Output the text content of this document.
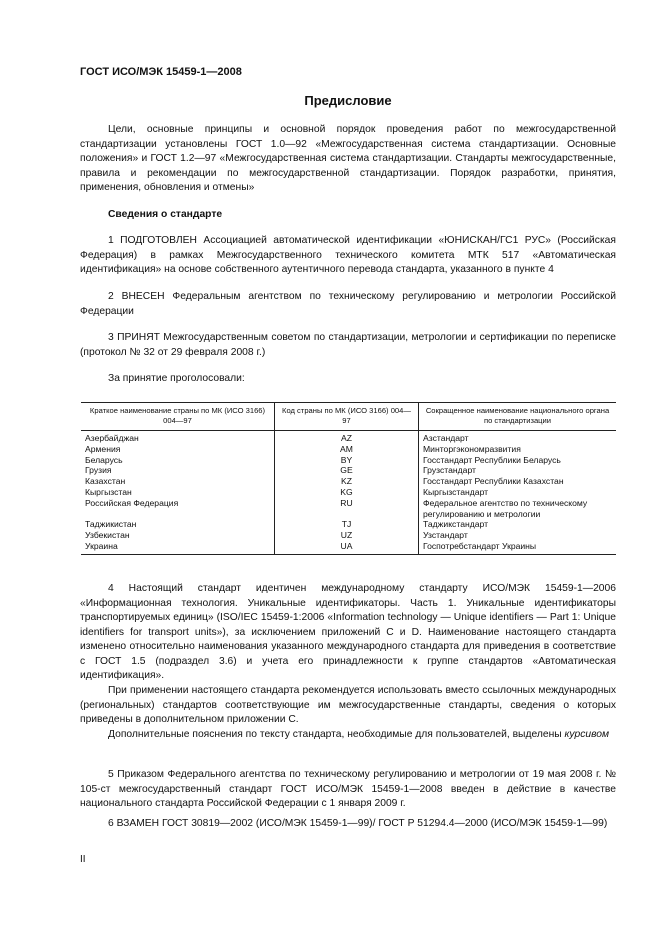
ГОСТ ИСО/МЭК 15459-1—2008
Предисловие

Цели, основные принципы и основной порядок проведения работ по межгосударственной стандартизации установлены ГОСТ 1.0—92 «Межгосударственная система стандартизации. Основные положения» и ГОСТ 1.2—97 «Межгосударственная система стандартизации. Стандарты межгосударственные, правила и рекомендации по межгосударственной стандартизации. Порядок разработки, принятия, применения, обновления и отмены»

Сведения о стандарте

1 ПОДГОТОВЛЕН Ассоциацией автоматической идентификации «ЮНИСКАН/ГС1 РУС» (Российская Федерация) в рамках Межгосударственного технического комитета МТК 517 «Автоматическая идентификация» на основе собственного аутентичного перевода стандарта, указанного в пункте 4

2 ВНЕСЕН Федеральным агентством по техническому регулированию и метрологии Российской Федерации

3 ПРИНЯТ Межгосударственным советом по стандартизации, метрологии и сертификации по переписке (протокол № 32 от 29 февраля 2008 г.)

За принятие проголосовали:

Краткое наименование страны по МК (ИСО 3166) 004—97	Код страны по МК (ИСО 3166) 004—97	Сокращенное наименование национального органа по стандартизации
Азербайджан	AZ	Азстандарт
Армения	AM	Минторгэкономразвития
Беларусь	BY	Госстандарт Республики Беларусь
Грузия	GE	Грузстандарт
Казахстан	KZ	Госстандарт Республики Казахстан
Кыргызстан	KG	Кыргызстандарт
Российская Федерация	RU	Федеральное агентство по техническому регулированию и метрологии
Таджикистан	TJ	Таджикстандарт
Узбекистан	UZ	Узстандарт
Украина	UA	Госпотребстандарт Украины

4 Настоящий стандарт идентичен международному стандарту ИСО/МЭК 15459-1—2006 «Информационная технология. Уникальные идентификаторы. Часть 1. Уникальные идентификаторы транспортируемых единиц» (ISO/IEC 15459-1:2006 «Information technology — Unique identifiers — Part 1: Unique identifiers for transport units»), за исключением приложений С и D. Наименование настоящего стандарта изменено относительно наименования указанного международного стандарта для приведения в соответствие с ГОСТ 1.5 (подраздел 3.6) и учета его принадлежности к группе стандартов «Автоматическая идентификация».

При применении настоящего стандарта рекомендуется использовать вместо ссылочных международных (региональных) стандартов соответствующие им межгосударственные стандарты, сведения о которых приведены в дополнительном приложении С.

Дополнительные пояснения по тексту стандарта, необходимые для пользователей, выделены курсивом

5 Приказом Федерального агентства по техническому регулированию и метрологии от 19 мая 2008 г. № 105-ст межгосударственный стандарт ГОСТ ИСО/МЭК 15459-1—2008 введен в действие в качестве национального стандарта Российской Федерации с 1 января 2009 г.

6 ВЗАМЕН ГОСТ 30819—2002 (ИСО/МЭК 15459-1—99)/ ГОСТ Р 51294.4—2000 (ИСО/МЭК 15459-1—99)

II
